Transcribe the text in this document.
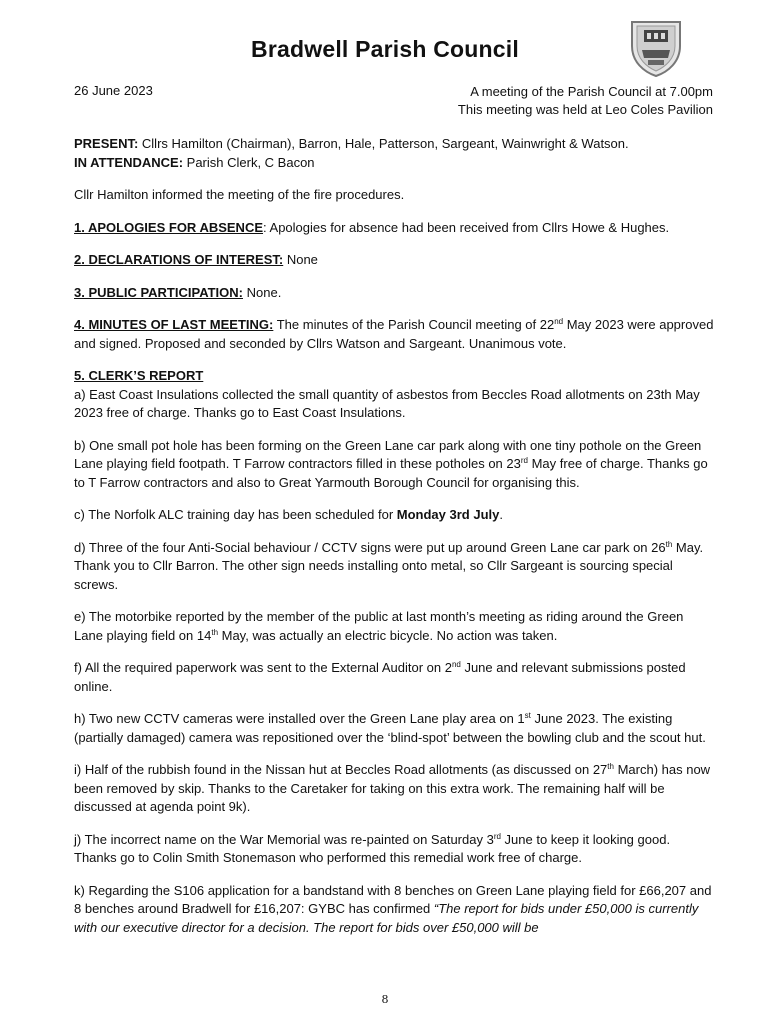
Bradwell Parish Council
26 June 2023	A meeting of the Parish Council at 7.00pm
This meeting was held at Leo Coles Pavilion

PRESENT: Cllrs Hamilton (Chairman), Barron, Hale, Patterson, Sargeant, Wainwright & Watson.

IN ATTENDANCE: Parish Clerk, C Bacon

Cllr Hamilton informed the meeting of the fire procedures.

1. APOLOGIES FOR ABSENCE: Apologies for absence had been received from Cllrs Howe & Hughes.

2. DECLARATIONS OF INTEREST: None

3. PUBLIC PARTICIPATION: None.

4. MINUTES OF LAST MEETING: The minutes of the Parish Council meeting of 22nd May 2023 were approved and signed. Proposed and seconded by Cllrs Watson and Sargeant. Unanimous vote.

5. CLERK’S REPORT

a) East Coast Insulations collected the small quantity of asbestos from Beccles Road allotments on 23th May 2023 free of charge. Thanks go to East Coast Insulations.

b) One small pot hole has been forming on the Green Lane car park along with one tiny pothole on the Green Lane playing field footpath. T Farrow contractors filled in these potholes on 23rd May free of charge. Thanks go to T Farrow contractors and also to Great Yarmouth Borough Council for organising this.

c) The Norfolk ALC training day has been scheduled for Monday 3rd July.

d) Three of the four Anti-Social behaviour / CCTV signs were put up around Green Lane car park on 26th May. Thank you to Cllr Barron. The other sign needs installing onto metal, so Cllr Sargeant is sourcing special screws.

e) The motorbike reported by the member of the public at last month’s meeting as riding around the Green Lane playing field on 14th May, was actually an electric bicycle. No action was taken.

f) All the required paperwork was sent to the External Auditor on 2nd June and relevant submissions posted online.

h) Two new CCTV cameras were installed over the Green Lane play area on 1st June 2023. The existing (partially damaged) camera was repositioned over the ‘blind-spot’ between the bowling club and the scout hut.

i) Half of the rubbish found in the Nissan hut at Beccles Road allotments (as discussed on 27th March) has now been removed by skip. Thanks to the Caretaker for taking on this extra work. The remaining half will be discussed at agenda point 9k).

j) The incorrect name on the War Memorial was re-painted on Saturday 3rd June to keep it looking good. Thanks go to Colin Smith Stonemason who performed this remedial work free of charge.

k) Regarding the S106 application for a bandstand with 8 benches on Green Lane playing field for £66,207 and 8 benches around Bradwell for £16,207: GYBC has confirmed “The report for bids under £50,000 is currently with our executive director for a decision. The report for bids over £50,000 will be

8
